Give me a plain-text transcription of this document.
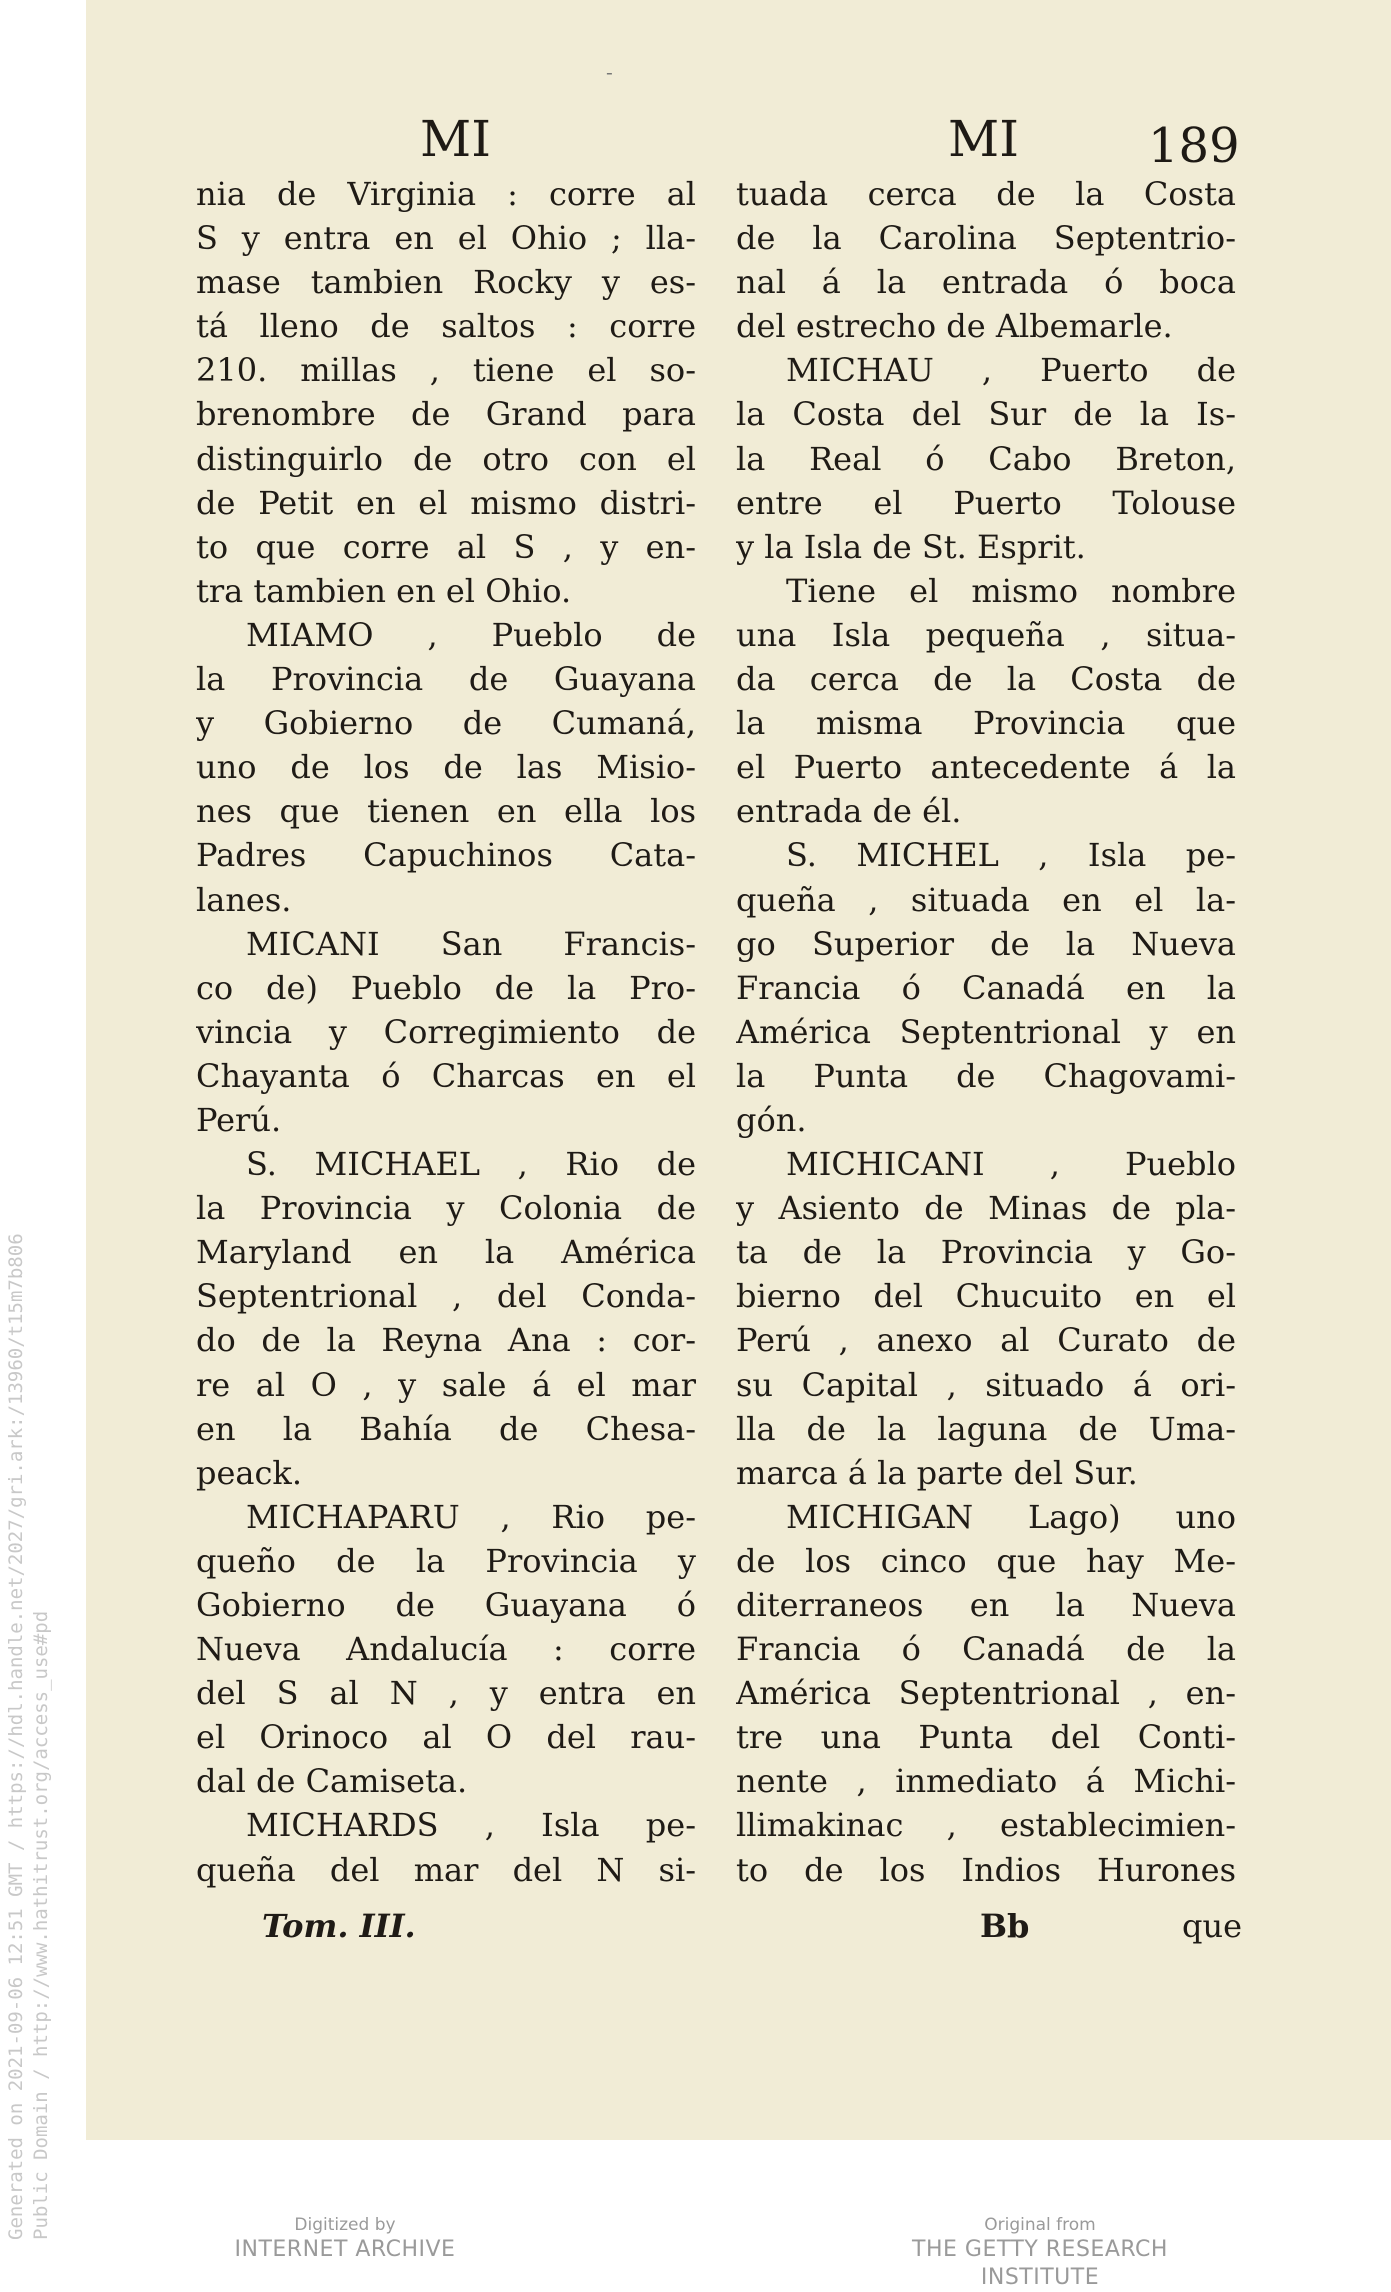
Generated on 2021-09-06 12:51 GMT / https://hdl.handle.net/2027/gri.ark:/13960/t15m7b806 Public Domain / http://www.hathitrust.org/access_use#pd
-
MI	MI	189
nia de Virginia : corre al
S y entra en el Ohio ; lla-
mase tambien Rocky y es-
tá lleno de saltos : corre
210. millas , tiene el so-
brenombre de Grand para
distinguirlo de otro con el
de Petit en el mismo distri-
to que corre al S , y en-
tra tambien en el Ohio.
MIAMO , Pueblo de
la Provincia de Guayana
y Gobierno de Cumaná,
uno de los de las Misio-
nes que tienen en ella los
Padres Capuchinos Cata-
lanes.
MICANI San Francis-
co de) Pueblo de la Pro-
vincia y Corregimiento de
Chayanta ó Charcas en el
Perú.
S. MICHAEL , Rio de
la Provincia y Colonia de
Maryland en la América
Septentrional , del Conda-
do de la Reyna Ana : cor-
re al O , y sale á el mar
en la Bahía de Chesa-
peack.
MICHAPARU , Rio pe-
queño de la Provincia y
Gobierno de Guayana ó
Nueva Andalucía : corre
del S al N , y entra en
el Orinoco al O del rau-
dal de Camiseta.
MICHARDS , Isla pe-
queña del mar del N si-
tuada cerca de la Costa
de la Carolina Septentrio-
nal á la entrada ó boca
del estrecho de Albemarle.
MICHAU , Puerto de
la Costa del Sur de la Is-
la Real ó Cabo Breton,
entre el Puerto Tolouse
y la Isla de St. Esprit.
Tiene el mismo nombre
una Isla pequeña , situa-
da cerca de la Costa de
la misma Provincia que
el Puerto antecedente á la
entrada de él.
S. MICHEL , Isla pe-
queña , situada en el la-
go Superior de la Nueva
Francia ó Canadá en la
América Septentrional y en
la Punta de Chagovami-
gón.
MICHICANI , Pueblo
y Asiento de Minas de pla-
ta de la Provincia y Go-
bierno del Chucuito en el
Perú , anexo al Curato de
su Capital , situado á ori-
lla de la laguna de Uma-
marca á la parte del Sur.
MICHIGAN Lago) uno
de los cinco que hay Me-
diterraneos en la Nueva
Francia ó Canadá de la
América Septentrional , en-
tre una Punta del Conti-
nente , inmediato á Michi-
llimakinac , establecimien-
to de los Indios Hurones
Tom. III.	Bb	que
Digitized by
INTERNET ARCHIVE
Original from
THE GETTY RESEARCH INSTITUTE
